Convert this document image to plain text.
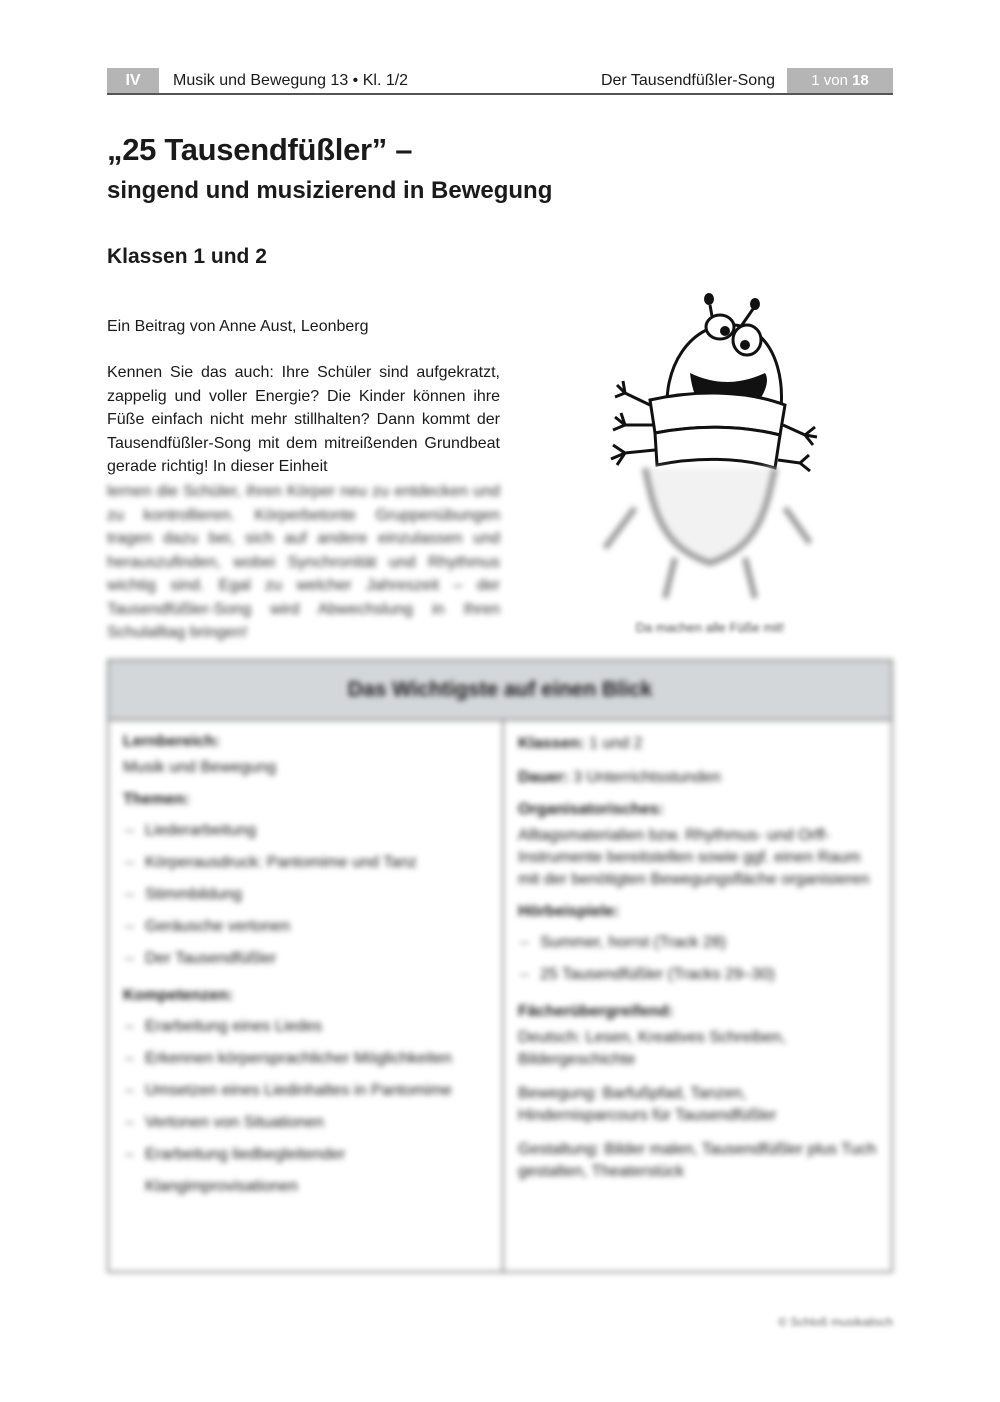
IV	Musik und Bewegung 13 • Kl. 1/2	Der Tausendfüßler-Song	1 von 18
„25 Tausendfüßler” –
singend und musizierend in Bewegung
Klassen 1 und 2
Ein Beitrag von Anne Aust, Leonberg

Kennen Sie das auch: Ihre Schüler sind aufgekratzt, zappelig und voller Energie? Die Kinder können ihre Füße einfach nicht mehr stillhalten? Dann kommt der Tausendfüßler-Song mit dem mitreißenden Grundbeat gerade richtig! In dieser Einheit

lernen die Schüler, ihren Körper neu zu entdecken und zu kontrollieren. Körperbetonte Gruppenübungen tragen dazu bei, sich auf andere einzulassen und herauszufinden, wobei Synchronität und Rhythmus wichtig sind. Egal zu welcher Jahreszeit – der Tausendfüßler-Song wird Abwechslung in Ihren Schulalltag bringen!	Da machen alle Füße mit!
Das Wichtigste auf einen Blick

Lernbereich:

Musik und Bewegung

Themen:

– Liederarbeitung
– Körperausdruck: Pantomime und Tanz
– Stimmbildung
– Geräusche vertonen
– Der Tausendfüßler

Kompetenzen:

– Erarbeitung eines Liedes
– Erkennen körpersprachlicher Möglichkeiten
– Umsetzen eines Liedinhaltes in Pantomime
– Vertonen von Situationen
– Erarbeitung liedbegleitender Klangimprovisationen

Klassen: 1 und 2

Dauer: 3 Unterrichtsstunden

Organisatorisches:

Alltagsmaterialien bzw. Rhythmus- und Orff-Instrumente bereitstellen sowie ggf. einen Raum mit der benötigten Bewegungsfläche organisieren

Hörbeispiele:

– Summer, horrst (Track 28)
– 25 Tausendfüßler (Tracks 29–30)

Fächerübergreifend:

Deutsch: Lesen, Kreatives Schreiben, Bildergeschichte

Bewegung: Barfußpfad, Tanzen, Hindernisparcours für Tausendfüßler

Gestaltung: Bilder malen, Tausendfüßler plus Tuch gestalten, Theaterstück

© Schloß musikalisch
